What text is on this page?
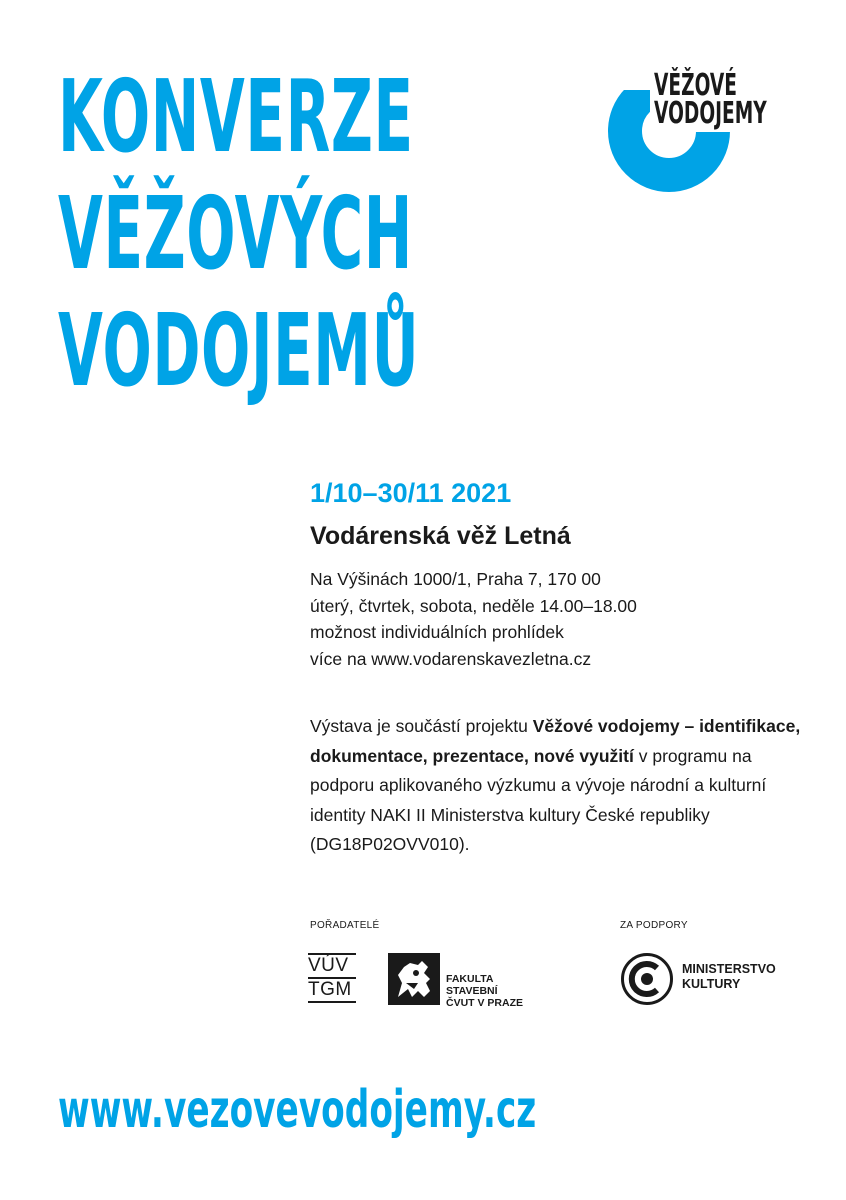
KONVERZE
VĚŽOVÝCH
VODOJEMŮ
VĚŽOVÉ
VODOJEMY

1/10–30/11 2021

Vodárenská věž Letná

Na Výšinách 1000/1, Praha 7, 170 00
úterý, čtvrtek, sobota, neděle 14.00–18.00
možnost individuálních prohlídek
více na www.vodarenskavezletna.cz
Výstava je součástí projektu Věžové vodojemy – identifikace, dokumentace, prezentace, nové využití v programu na podporu aplikovaného výzkumu a vývoje národní a kulturní identity NAKI II Ministerstva kultury České republiky (DG18P02OVV010).
POŘADATELÉ	ZA PODPORY
VÚV
TGM	FAKULTA
STAVEBNÍ
ČVUT V PRAZE
MINISTERSTVO
KULTURY

www.vezovevodojemy.cz
